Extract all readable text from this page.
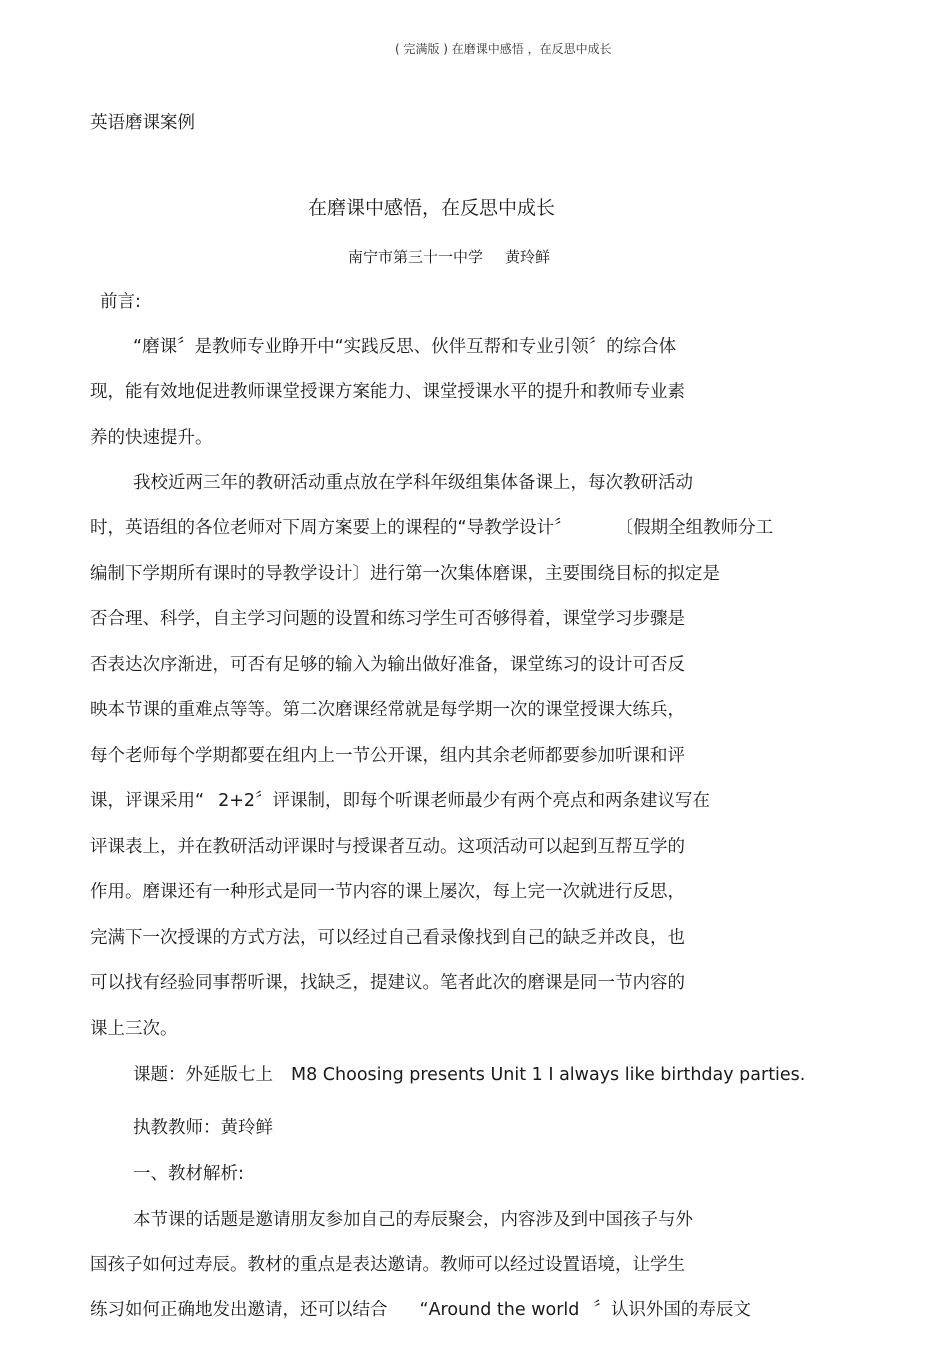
( 完满版 ) 在磨课中感悟 ，在反思中成长
英语磨课案例
在磨课中感悟，在反思中成长
南宁市第三十一中学 黄玲鲜
前言:
“磨课〞是教师专业睁开中“实践反思、伙伴互帮和专业引领〞的综合体
现，能有效地促进教师课堂授课方案能力、课堂授课水平的提升和教师专业素
养的快速提升。
我校近两三年的教研活动重点放在学科年级组集体备课上，每次教研活动
时，英语组的各位老师对下周方案要上的课程的“导教学设计〞	〔假期全组教师分工
编制下学期所有课时的导教学设计〕进行第一次集体磨课，主要围绕目标的拟定是
否合理、科学，自主学习问题的设置和练习学生可否够得着，课堂学习步骤是
否表达次序渐进，可否有足够的输入为输出做好准备，课堂练习的设计可否反
映本节课的重难点等等。第二次磨课经常就是每学期一次的课堂授课大练兵，
每个老师每个学期都要在组内上一节公开课，组内其余老师都要参加听课和评
课，评课采用“ 2+2〞评课制，即每个听课老师最少有两个亮点和两条建议写在
评课表上，并在教研活动评课时与授课者互动。这项活动可以起到互帮互学的
作用。磨课还有一种形式是同一节内容的课上屡次，每上完一次就进行反思，
完满下一次授课的方式方法，可以经过自己看录像找到自己的缺乏并改良，也
可以找有经验同事帮听课，找缺乏，提建议。笔者此次的磨课是同一节内容的
课上三次。
课题：外延版七上 M8 Choosing presents Unit 1 I always like birthday parties.
执教教师：黄玲鲜
一、教材解析:
本节课的话题是邀请朋友参加自己的寿辰聚会，内容涉及到中国孩子与外
国孩子如何过寿辰。教材的重点是表达邀请。教师可以经过设置语境，让学生
练习如何正确地发出邀请，还可以结合 “Around the world 〞认识外国的寿辰文
